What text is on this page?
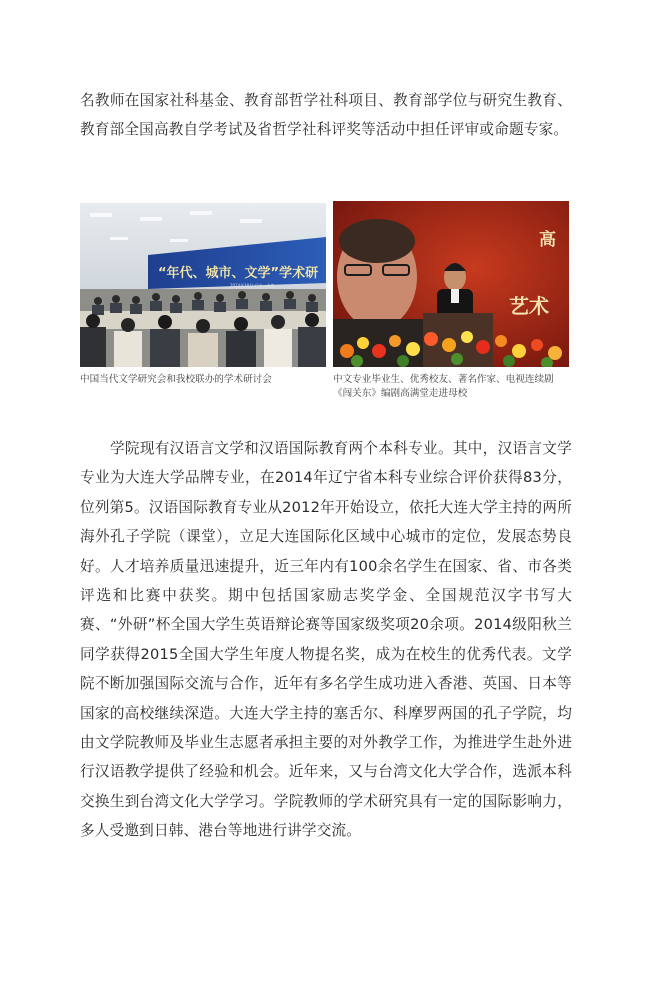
名教师在国家社科基金、教育部哲学社科项目、教育部学位与研究生教育、教育部全国高教自学考试及省哲学社科评奖等活动中担任评审或命题专家。

“年代、城市、文学”学术研
2014年10月 辽宁 · 大连
高
艺术

中国当代文学研究会和我校联办的学术研讨会	中文专业毕业生、优秀校友、著名作家、电视连续剧
《闯关东》编剧高满堂走进母校

学院现有汉语言文学和汉语国际教育两个本科专业。其中，汉语言文学专业为大连大学品牌专业，在2014年辽宁省本科专业综合评价获得83分，位列第5。汉语国际教育专业从2012年开始设立，依托大连大学主持的两所海外孔子学院（课堂），立足大连国际化区域中心城市的定位，发展态势良好。人才培养质量迅速提升，近三年内有100余名学生在国家、省、市各类评选和比赛中获奖。期中包括国家励志奖学金、全国规范汉字书写大赛、“外研”杯全国大学生英语辩论赛等国家级奖项20余项。2014级阳秋兰同学获得2015全国大学生年度人物提名奖，成为在校生的优秀代表。文学院不断加强国际交流与合作，近年有多名学生成功进入香港、英国、日本等国家的高校继续深造。大连大学主持的塞舌尔、科摩罗两国的孔子学院，均由文学院教师及毕业生志愿者承担主要的对外教学工作，为推进学生赴外进行汉语教学提供了经验和机会。近年来，又与台湾文化大学合作，选派本科交换生到台湾文化大学学习。学院教师的学术研究具有一定的国际影响力，多人受邀到日韩、港台等地进行讲学交流。
